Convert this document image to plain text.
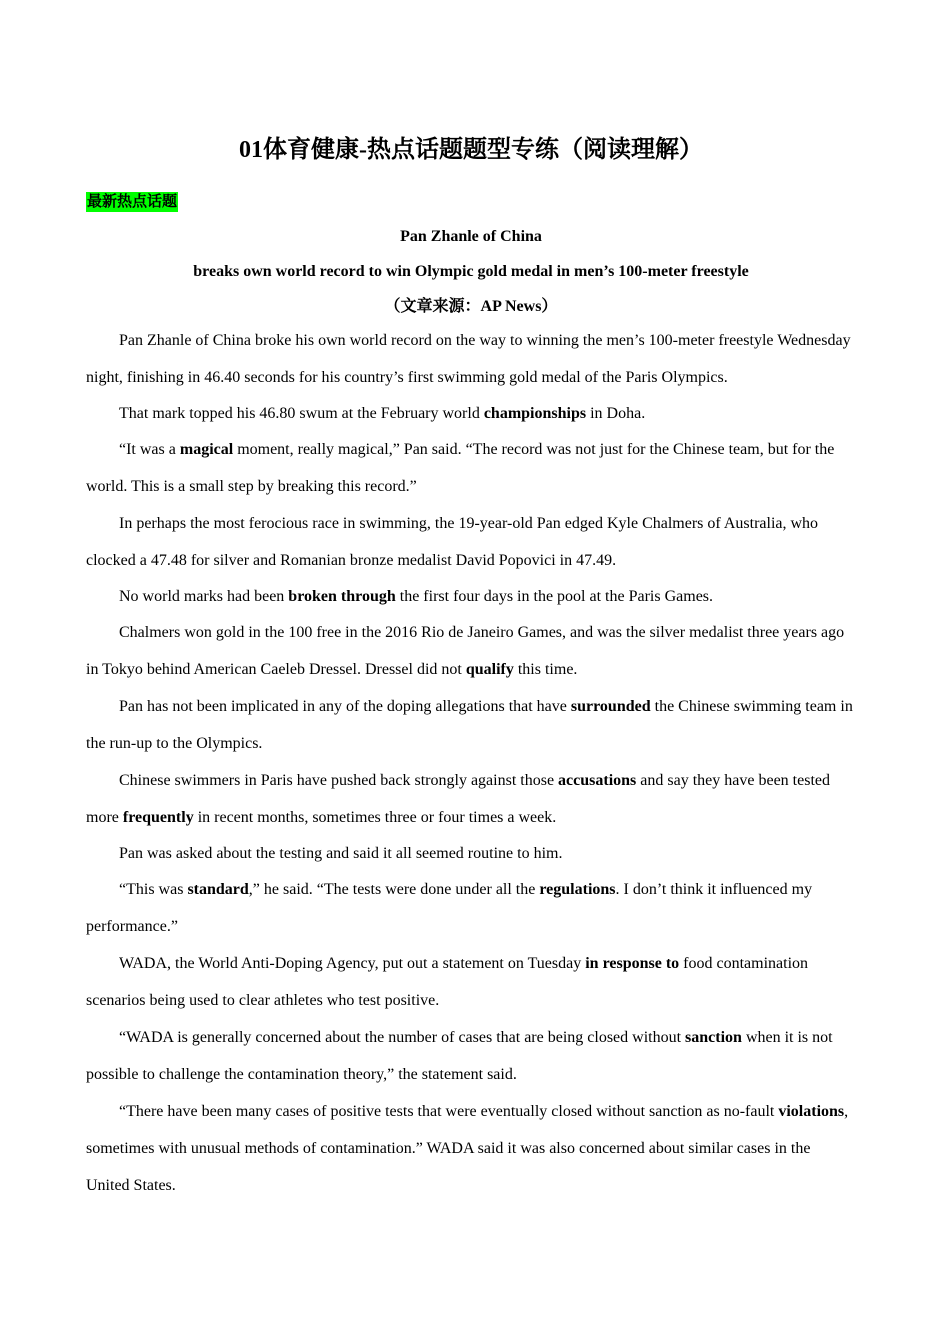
01体育健康-热点话题题型专练（阅读理解）
最新热点话题
Pan Zhanle of China
breaks own world record to win Olympic gold medal in men’s 100-meter freestyle
（文章来源：AP News）

Pan Zhanle of China broke his own world record on the way to winning the men’s 100-meter freestyle Wednesday night, finishing in 46.40 seconds for his country’s first swimming gold medal of the Paris Olympics.

That mark topped his 46.80 swum at the February world championships in Doha.

“It was a magical moment, really magical,” Pan said. “The record was not just for the Chinese team, but for the world. This is a small step by breaking this record.”

In perhaps the most ferocious race in swimming, the 19-year-old Pan edged Kyle Chalmers of Australia, who clocked a 47.48 for silver and Romanian bronze medalist David Popovici in 47.49.

No world marks had been broken through the first four days in the pool at the Paris Games.

Chalmers won gold in the 100 free in the 2016 Rio de Janeiro Games, and was the silver medalist three years ago in Tokyo behind American Caeleb Dressel. Dressel did not qualify this time.

Pan has not been implicated in any of the doping allegations that have surrounded the Chinese swimming team in the run-up to the Olympics.

Chinese swimmers in Paris have pushed back strongly against those accusations and say they have been tested more frequently in recent months, sometimes three or four times a week.

Pan was asked about the testing and said it all seemed routine to him.

“This was standard,” he said. “The tests were done under all the regulations. I don’t think it influenced my performance.”

WADA, the World Anti-Doping Agency, put out a statement on Tuesday in response to food contamination scenarios being used to clear athletes who test positive.

“WADA is generally concerned about the number of cases that are being closed without sanction when it is not possible to challenge the contamination theory,” the statement said.

“There have been many cases of positive tests that were eventually closed without sanction as no-fault violations, sometimes with unusual methods of contamination.” WADA said it was also concerned about similar cases in the United States.
